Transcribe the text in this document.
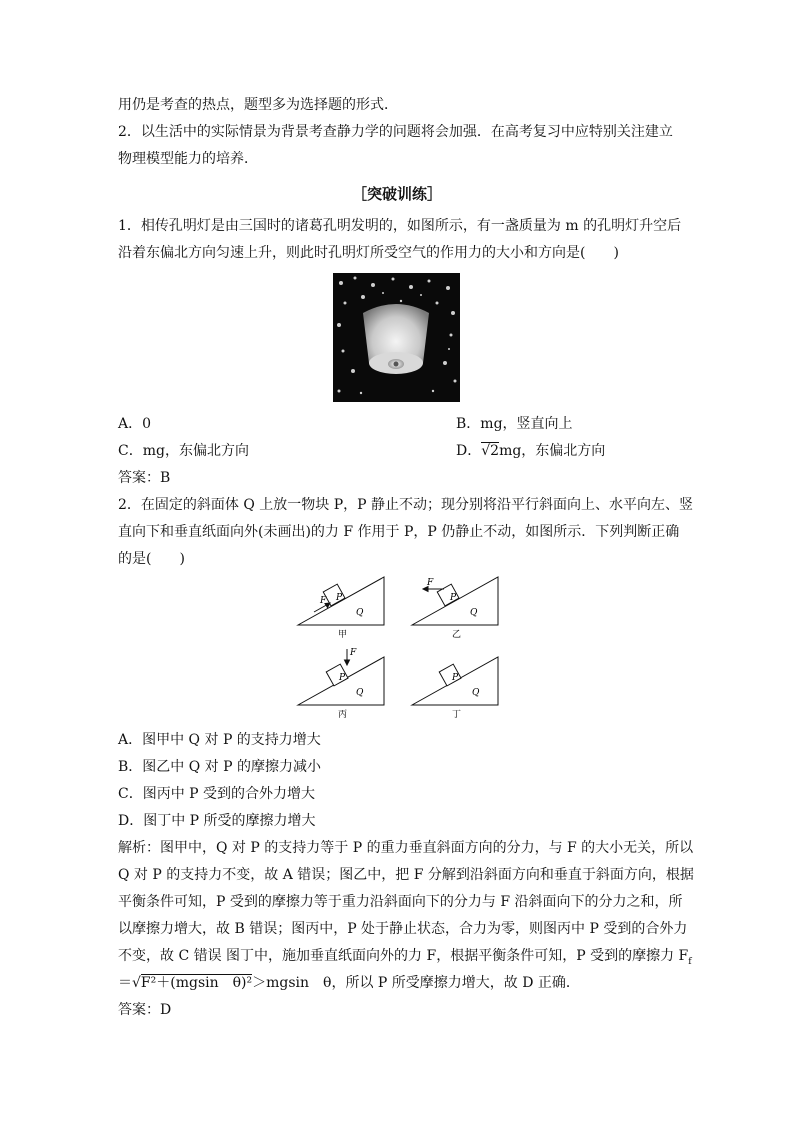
用仍是考查的热点，题型多为选择题的形式．
2．以生活中的实际情景为背景考查静力学的问题将会加强．在高考复习中应特别关注建立
物理模型能力的培养．
［突破训练］
1．相传孔明灯是由三国时的诸葛孔明发明的，如图所示，有一盏质量为 m 的孔明灯升空后
沿着东偏北方向匀速上升，则此时孔明灯所受空气的作用力的大小和方向是(　　)
A．0	B．mg，竖直向上
C．mg，东偏北方向	D．√2mg，东偏北方向
答案：B
2．在固定的斜面体 Q 上放一物块 P，P 静止不动；现分别将沿平行斜面向上、水平向左、竖
直向下和垂直纸面向外(未画出)的力 F 作用于 P，P 仍静止不动，如图所示．下列判断正确
的是(　　)
F P
Q
甲
F
P
Q
乙
F
P
Q
丙
P
Q
丁
A．图甲中 Q 对 P 的支持力增大
B．图乙中 Q 对 P 的摩擦力减小
C．图丙中 P 受到的合外力增大
D．图丁中 P 所受的摩擦力增大
解析：图甲中，Q 对 P 的支持力等于 P 的重力垂直斜面方向的分力，与 F 的大小无关，所以
Q 对 P 的支持力不变，故 A 错误；图乙中，把 F 分解到沿斜面方向和垂直于斜面方向，根据
平衡条件可知，P 受到的摩擦力等于重力沿斜面向下的分力与 F 沿斜面向下的分力之和，所
以摩擦力增大，故 B 错误；图丙中，P 处于静止状态，合力为零，则图丙中 P 受到的合外力
不变，故 C 错误 图丁中，施加垂直纸面向外的力 F，根据平衡条件可知，P 受到的摩擦力 $F_f$
＝√F²＋(mgsin　θ)²＞mgsin　θ，所以 P 所受摩擦力增大，故 D 正确．
答案：D
